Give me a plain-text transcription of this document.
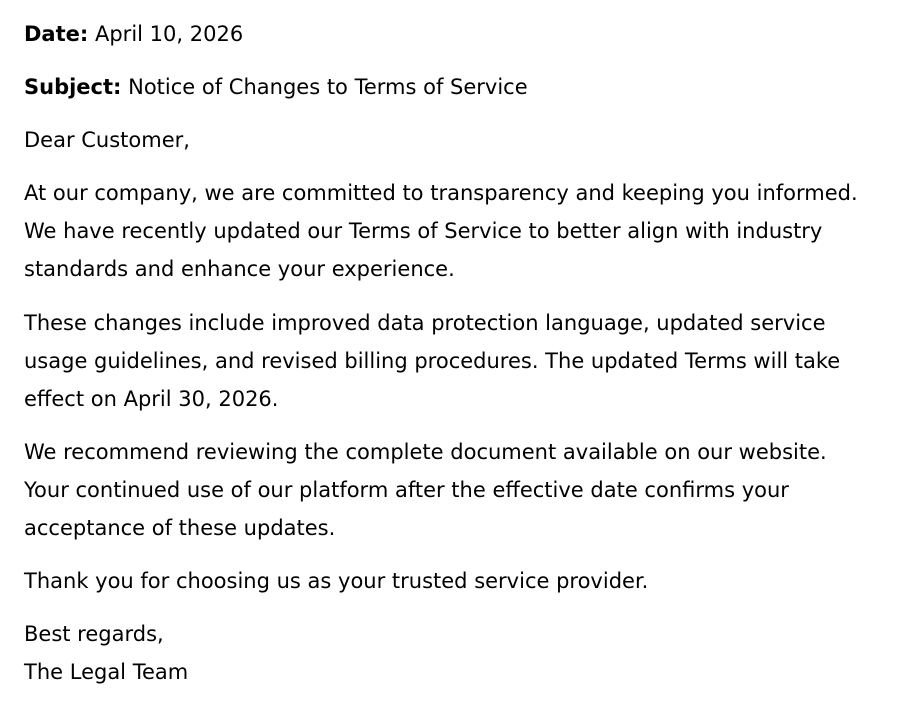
Date: April 10, 2026
Subject: Notice of Changes to Terms of Service
Dear Customer,
At our company, we are committed to transparency and keeping you informed.
We have recently updated our Terms of Service to better align with industry
standards and enhance your experience.
These changes include improved data protection language, updated service
usage guidelines, and revised billing procedures. The updated Terms will take
effect on April 30, 2026.
We recommend reviewing the complete document available on our website.
Your continued use of our platform after the effective date confirms your
acceptance of these updates.
Thank you for choosing us as your trusted service provider.
Best regards,
The Legal Team
